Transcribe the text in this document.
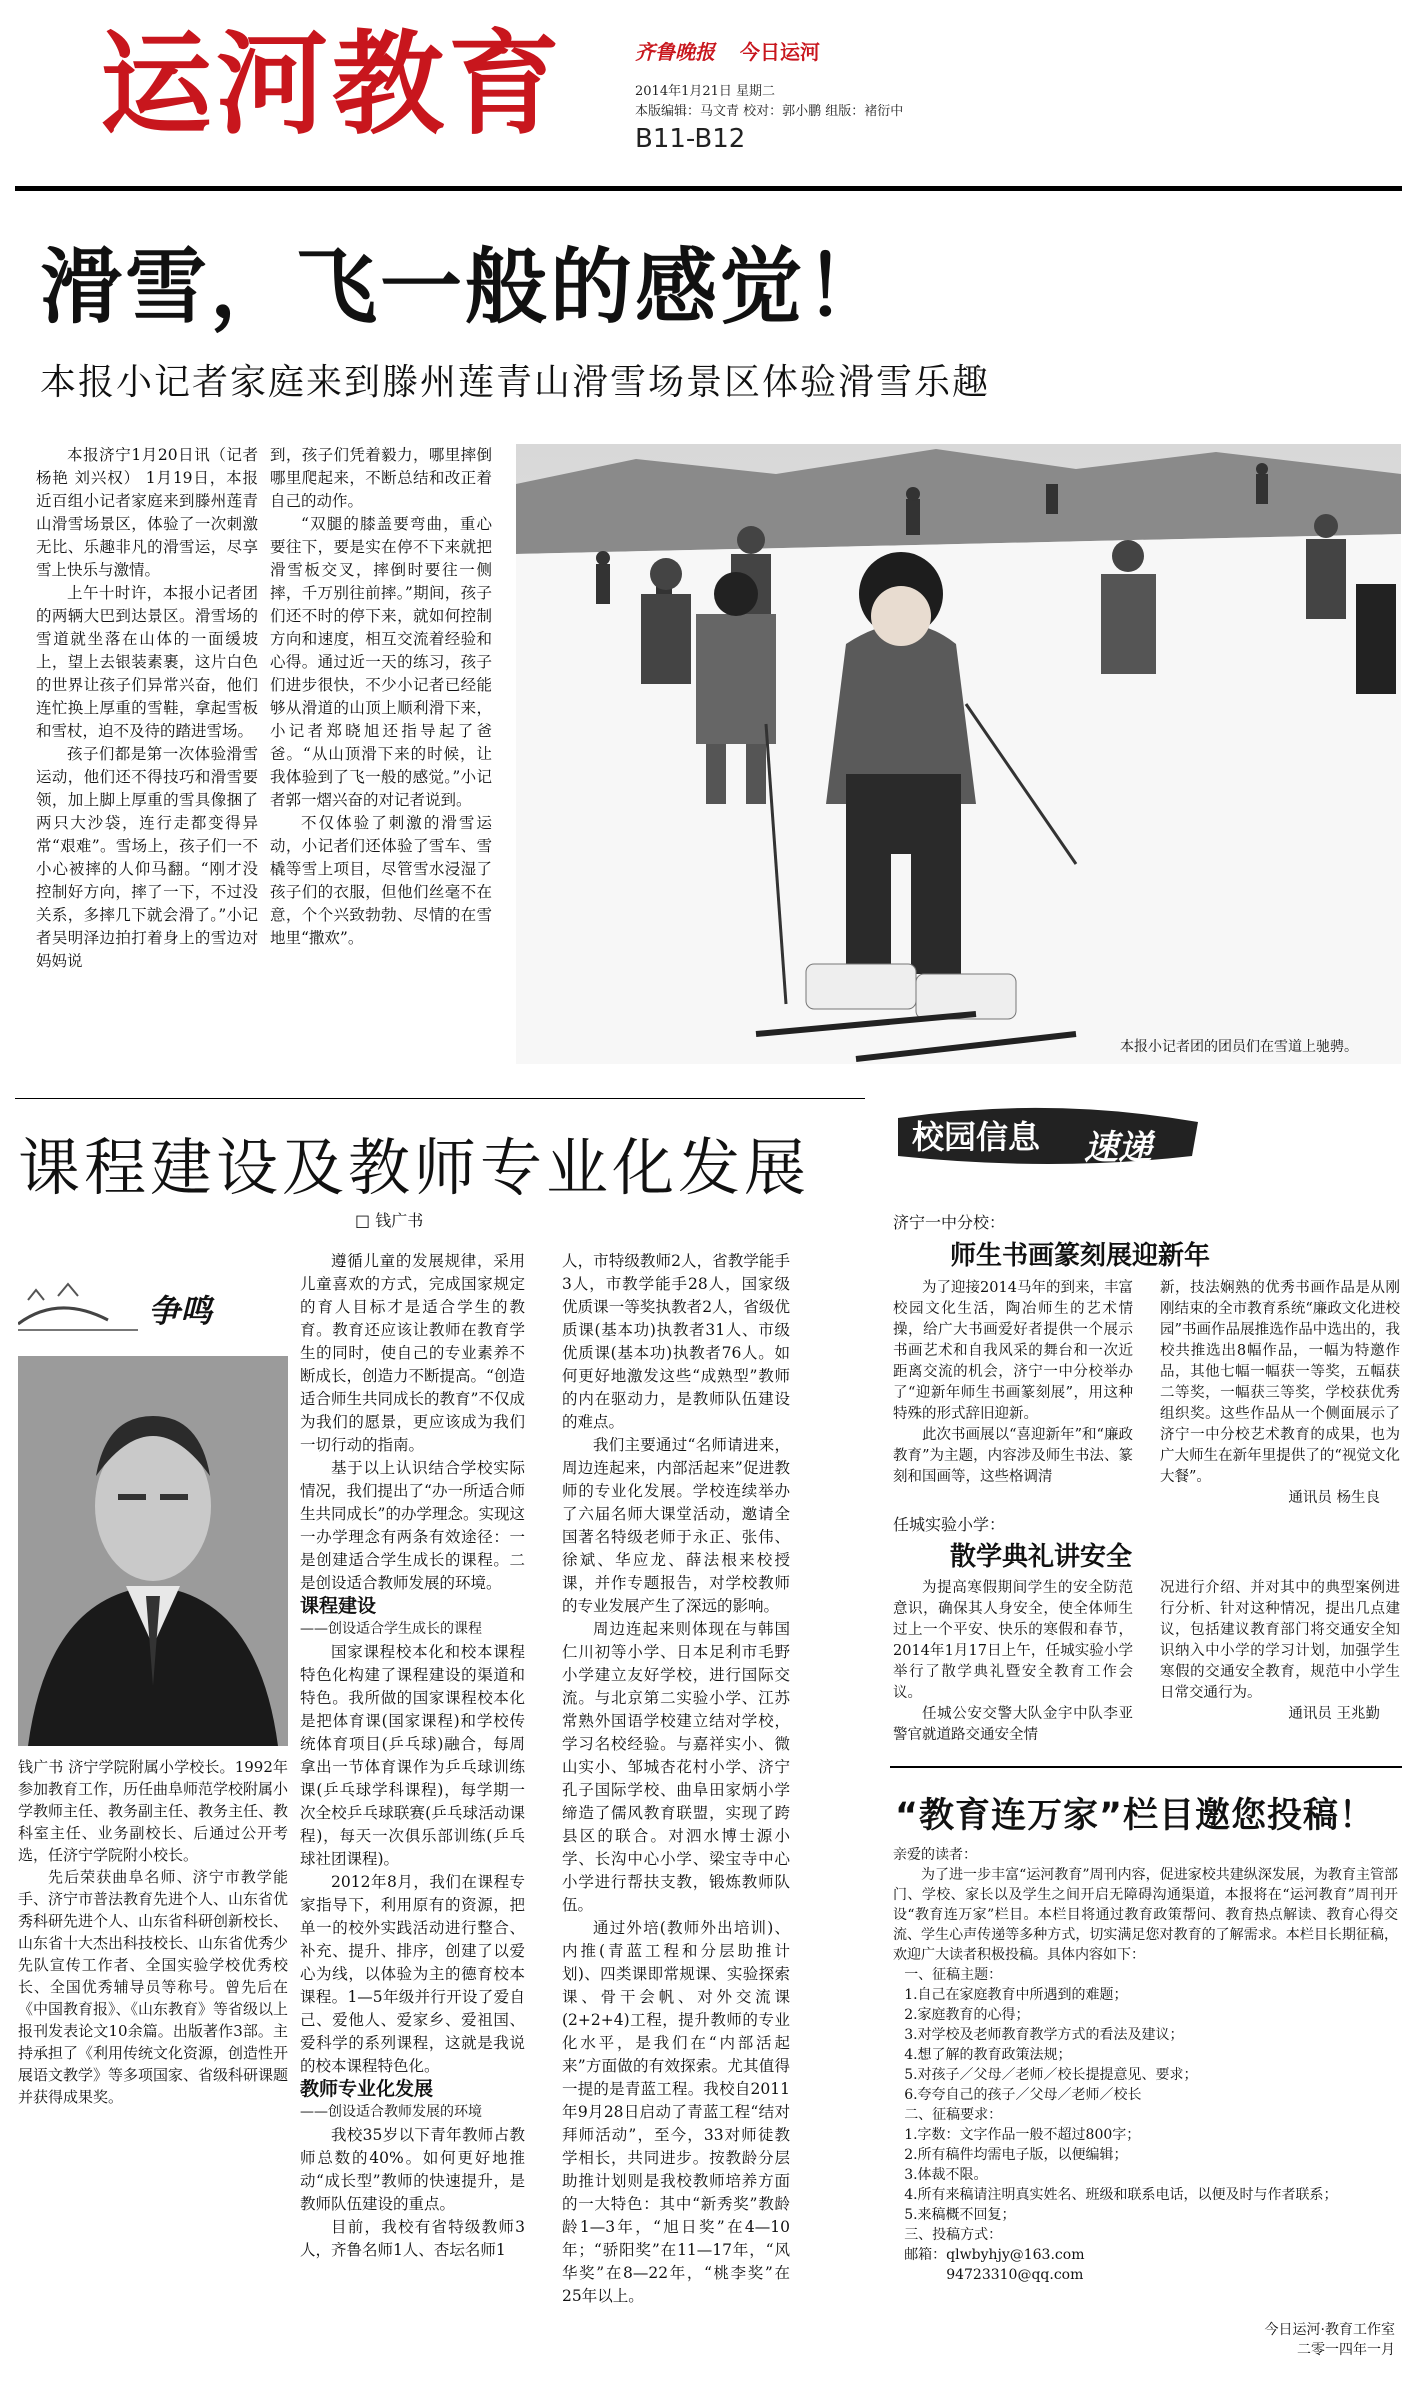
运河教育	齐鲁晚报 今日运河
2014年1月21日 星期二
本版编辑：马文青 校对：郭小鹏 组版：褚衍中
B11-B12
滑雪，飞一般的感觉！
本报小记者家庭来到滕州莲青山滑雪场景区体验滑雪乐趣

本报济宁1月20日讯（记者 杨艳 刘兴权） 1月19日，本报近百组小记者家庭来到滕州莲青山滑雪场景区，体验了一次刺激无比、乐趣非凡的滑雪运，尽享雪上快乐与激情。

上午十时许，本报小记者团的两辆大巴到达景区。滑雪场的雪道就坐落在山体的一面缓坡上，望上去银装素裹，这片白色的世界让孩子们异常兴奋，他们连忙换上厚重的雪鞋，拿起雪板和雪杖，迫不及待的踏进雪场。

孩子们都是第一次体验滑雪运动，他们还不得技巧和滑雪要领，加上脚上厚重的雪具像捆了两只大沙袋，连行走都变得异常“艰难”。雪场上，孩子们一不小心被摔的人仰马翻。“刚才没控制好方向，摔了一下，不过没关系，多摔几下就会滑了。”小记者吴明泽边拍打着身上的雪边对妈妈说

到，孩子们凭着毅力，哪里摔倒哪里爬起来，不断总结和改正着自己的动作。

“双腿的膝盖要弯曲，重心要往下，要是实在停不下来就把滑雪板交叉，摔倒时要往一侧摔，千万别往前摔。”期间，孩子们还不时的停下来，就如何控制方向和速度，相互交流着经验和心得。通过近一天的练习，孩子们进步很快，不少小记者已经能够从滑道的山顶上顺利滑下来，小记者郑晓旭还指导起了爸爸。“从山顶滑下来的时候，让我体验到了飞一般的感觉。”小记者郭一熠兴奋的对记者说到。

不仅体验了刺激的滑雪运动，小记者们还体验了雪车、雪橇等雪上项目，尽管雪水浸湿了孩子们的衣服，但他们丝毫不在意，个个兴致勃勃、尽情的在雪地里“撒欢”。

本报小记者团的团员们在雪道上驰骋。
课程建设及教师专业化发展
□ 钱广书
争鸣

钱广书 济宁学院附属小学校长。1992年参加教育工作，历任曲阜师范学校附属小学教师主任、教务副主任、教务主任、教科室主任、业务副校长、后通过公开考选，任济宁学院附小校长。

先后荣获曲阜名师、济宁市教学能手、济宁市普法教育先进个人、山东省优秀科研先进个人、山东省科研创新校长、山东省十大杰出科技校长、山东省优秀少先队宣传工作者、全国实验学校优秀校长、全国优秀辅导员等称号。曾先后在《中国教育报》、《山东教育》等省级以上报刊发表论文10余篇。出版著作3部。主持承担了《利用传统文化资源，创造性开展语文教学》等多项国家、省级科研课题并获得成果奖。

遵循儿童的发展规律，采用儿童喜欢的方式，完成国家规定的育人目标才是适合学生的教育。教育还应该让教师在教育学生的同时，使自己的专业素养不断成长，创造力不断提高。“创造适合师生共同成长的教育”不仅成为我们的愿景，更应该成为我们一切行动的指南。

基于以上认识结合学校实际情况，我们提出了“办一所适合师生共同成长”的办学理念。实现这一办学理念有两条有效途径：一是创建适合学生成长的课程。二是创设适合教师发展的环境。

课程建设

——创设适合学生成长的课程

国家课程校本化和校本课程特色化构建了课程建设的渠道和特色。我所做的国家课程校本化是把体育课(国家课程)和学校传统体育项目(乒乓球)融合，每周拿出一节体育课作为乒乓球训练课(乒乓球学科课程)，每学期一次全校乒乓球联赛(乒乓球活动课程)，每天一次俱乐部训练(乒乓球社团课程)。

2012年8月，我们在课程专家指导下，利用原有的资源，把单一的校外实践活动进行整合、补充、提升、排序，创建了以爱心为线，以体验为主的德育校本课程。1—5年级并行开设了爱自己、爱他人、爱家乡、爱祖国、爱科学的系列课程，这就是我说的校本课程特色化。

教师专业化发展

——创设适合教师发展的环境

我校35岁以下青年教师占教师总数的40%。如何更好地推动“成长型”教师的快速提升，是教师队伍建设的重点。

目前，我校有省特级教师3人，齐鲁名师1人、杏坛名师1

人，市特级教师2人，省教学能手3人，市教学能手28人，国家级优质课一等奖执教者2人，省级优质课(基本功)执教者31人、市级优质课(基本功)执教者76人。如何更好地激发这些“成熟型”教师的内在驱动力，是教师队伍建设的难点。

我们主要通过“名师请进来，周边连起来，内部活起来”促进教师的专业化发展。学校连续举办了六届名师大课堂活动，邀请全国著名特级老师于永正、张伟、徐斌、华应龙、薛法根来校授课，并作专题报告，对学校教师的专业发展产生了深远的影响。

周边连起来则体现在与韩国仁川初等小学、日本足利市毛野小学建立友好学校，进行国际交流。与北京第二实验小学、江苏常熟外国语学校建立结对学校，学习名校经验。与嘉祥实小、微山实小、邹城杏花村小学、济宁孔子国际学校、曲阜田家炳小学缔造了儒风教育联盟，实现了跨县区的联合。对泗水博士源小学、长沟中心小学、梁宝寺中心小学进行帮扶支教，锻炼教师队伍。

通过外培(教师外出培训)、内推(青蓝工程和分层助推计划)、四类课即常规课、实验探索课、骨干会帆、对外交流课(2+2+4)工程，提升教师的专业化水平，是我们在“内部活起来”方面做的有效探索。尤其值得一提的是青蓝工程。我校自2011年9月28日启动了青蓝工程“结对拜师活动”，至今，33对师徒教学相长，共同进步。按教龄分层助推计划则是我校教师培养方面的一大特色：其中“新秀奖”教龄龄1—3年，“旭日奖”在4—10年；“骄阳奖”在11—17年，“风华奖”在8—22年，“桃李奖”在25年以上。

校园信息 速递
济宁一中分校：
师生书画篆刻展迎新年

为了迎接2014马年的到来，丰富校园文化生活，陶冶师生的艺术情操，给广大书画爱好者提供一个展示书画艺术和自我风采的舞台和一次近距离交流的机会，济宁一中分校举办了“迎新年师生书画篆刻展”，用这种特殊的形式辞旧迎新。

此次书画展以“喜迎新年”和“廉政教育”为主题，内容涉及师生书法、篆刻和国画等，这些格调清

新，技法娴熟的优秀书画作品是从刚刚结束的全市教育系统“廉政文化进校园”书画作品展推选作品中选出的，我校共推选出8幅作品，一幅为特邀作品，其他七幅一幅获一等奖，五幅获二等奖，一幅获三等奖，学校获优秀组织奖。这些作品从一个侧面展示了济宁一中分校艺术教育的成果，也为广大师生在新年里提供了的“视觉文化大餐”。

通讯员 杨生良

任城实验小学：
散学典礼讲安全

为提高寒假期间学生的安全防范意识，确保其人身安全，使全体师生过上一个平安、快乐的寒假和春节，2014年1月17日上午，任城实验小学举行了散学典礼暨安全教育工作会议。

任城公安交警大队金宇中队李亚警官就道路交通安全情

况进行介绍、并对其中的典型案例进行分析、针对这种情况，提出几点建议，包括建议教育部门将交通安全知识纳入中小学的学习计划，加强学生寒假的交通安全教育，规范中小学生日常交通行为。

通讯员 王兆勤

“教育连万家”栏目邀您投稿！

亲爱的读者：

为了进一步丰富“运河教育”周刊内容，促进家校共建纵深发展，为教育主管部门、学校、家长以及学生之间开启无障碍沟通渠道，本报将在“运河教育”周刊开设“教育连万家”栏目。本栏目将通过教育政策帮问、教育热点解读、教育心得交流、学生心声传递等多种方式，切实满足您对教育的了解需求。本栏目长期征稿，欢迎广大读者积极投稿。具体内容如下：

一、征稿主题：

1.自己在家庭教育中所遇到的难题；

2.家庭教育的心得；

3.对学校及老师教育教学方式的看法及建议；

4.想了解的教育政策法规；

5.对孩子／父母／老师／校长提提意见、要求；

6.夸夸自己的孩子／父母／老师／校长

二、征稿要求：

1.字数：文字作品一般不超过800字；

2.所有稿件均需电子版，以便编辑；

3.体裁不限。

4.所有来稿请注明真实姓名、班级和联系电话，以便及时与作者联系；

5.来稿概不回复；

三、投稿方式：

邮箱：qlwbyhjy@163.com

94723310@qq.com

今日运河·教育工作室
二零一四年一月
